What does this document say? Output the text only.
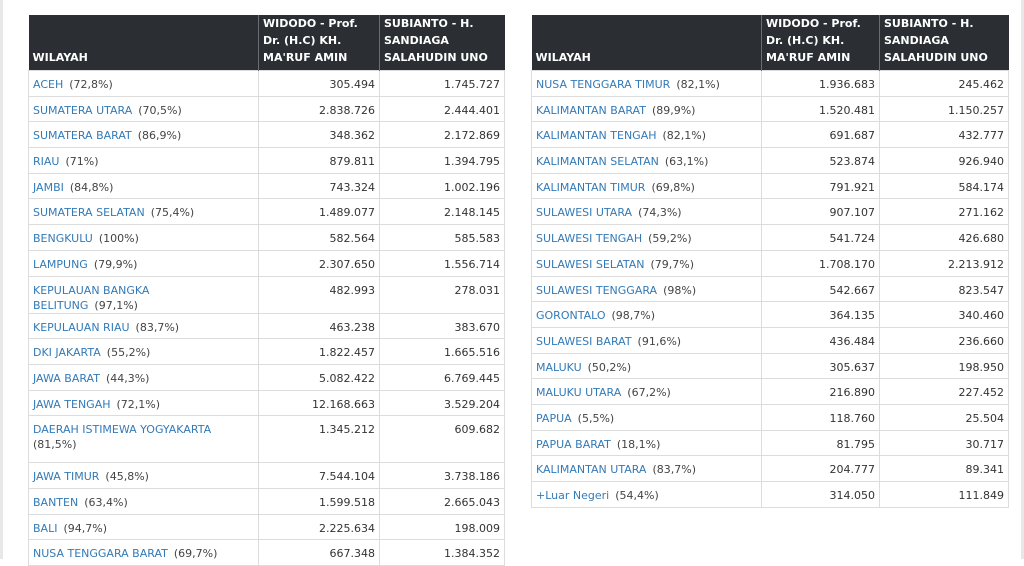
WILAYAH	WIDODO - Prof. Dr. (H.C) KH. MA'RUF AMIN	SUBIANTO - H. SANDIAGA SALAHUDIN UNO
ACEH (72,8%)	305.494	1.745.727
SUMATERA UTARA (70,5%)	2.838.726	2.444.401
SUMATERA BARAT (86,9%)	348.362	2.172.869
RIAU (71%)	879.811	1.394.795
JAMBI (84,8%)	743.324	1.002.196
SUMATERA SELATAN (75,4%)	1.489.077	2.148.145
BENGKULU (100%)	582.564	585.583
LAMPUNG (79,9%)	2.307.650	1.556.714
KEPULAUAN BANGKA BELITUNG (97,1%)	482.993	278.031
KEPULAUAN RIAU (83,7%)	463.238	383.670
DKI JAKARTA (55,2%)	1.822.457	1.665.516
JAWA BARAT (44,3%)	5.082.422	6.769.445
JAWA TENGAH (72,1%)	12.168.663	3.529.204
DAERAH ISTIMEWA YOGYAKARTA
(81,5%)	1.345.212	609.682
JAWA TIMUR (45,8%)	7.544.104	3.738.186
BANTEN (63,4%)	1.599.518	2.665.043
BALI (94,7%)	2.225.634	198.009
NUSA TENGGARA BARAT (69,7%)	667.348	1.384.352
WILAYAH	WIDODO - Prof. Dr. (H.C) KH. MA'RUF AMIN	SUBIANTO - H. SANDIAGA SALAHUDIN UNO
NUSA TENGGARA TIMUR (82,1%)	1.936.683	245.462
KALIMANTAN BARAT (89,9%)	1.520.481	1.150.257
KALIMANTAN TENGAH (82,1%)	691.687	432.777
KALIMANTAN SELATAN (63,1%)	523.874	926.940
KALIMANTAN TIMUR (69,8%)	791.921	584.174
SULAWESI UTARA (74,3%)	907.107	271.162
SULAWESI TENGAH (59,2%)	541.724	426.680
SULAWESI SELATAN (79,7%)	1.708.170	2.213.912
SULAWESI TENGGARA (98%)	542.667	823.547
GORONTALO (98,7%)	364.135	340.460
SULAWESI BARAT (91,6%)	436.484	236.660
MALUKU (50,2%)	305.637	198.950
MALUKU UTARA (67,2%)	216.890	227.452
PAPUA (5,5%)	118.760	25.504
PAPUA BARAT (18,1%)	81.795	30.717
KALIMANTAN UTARA (83,7%)	204.777	89.341
+Luar Negeri (54,4%)	314.050	111.849
